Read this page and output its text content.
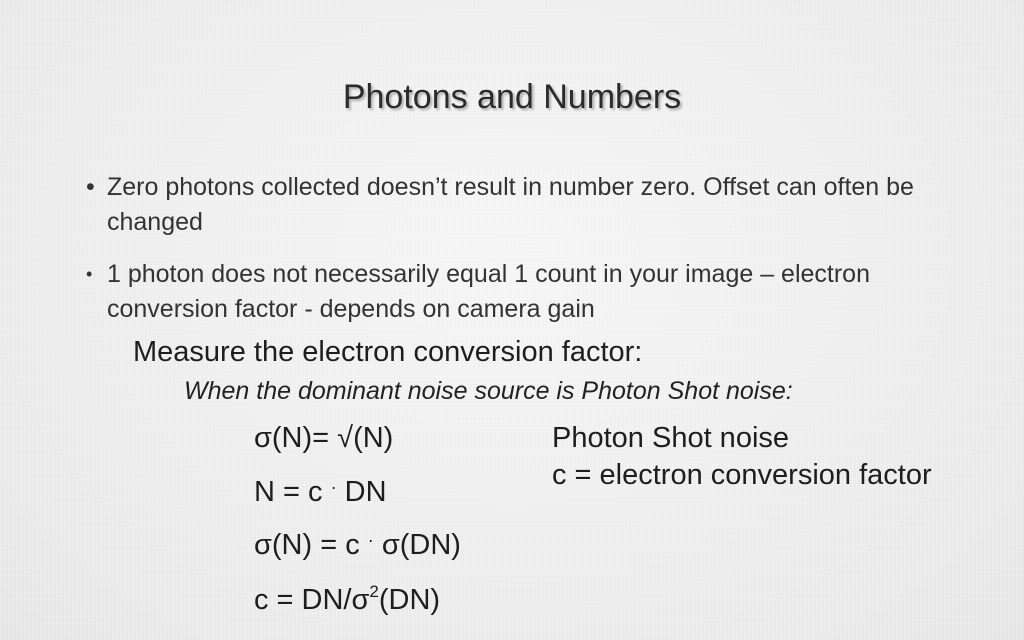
Photons and Numbers
• Zero photons collected doesn’t result in number zero. Offset can often be changed
• 1 photon does not necessarily equal 1 count in your image – electron conversion factor - depends on camera gain
Measure the electron conversion factor:
When the dominant noise source is Photon Shot noise:
σ(N)= √(N)
N = c · DN
σ(N) = c · σ(DN)
$c = DN/\sigma^2(DN)$
Photon Shot noise
c = electron conversion factor
